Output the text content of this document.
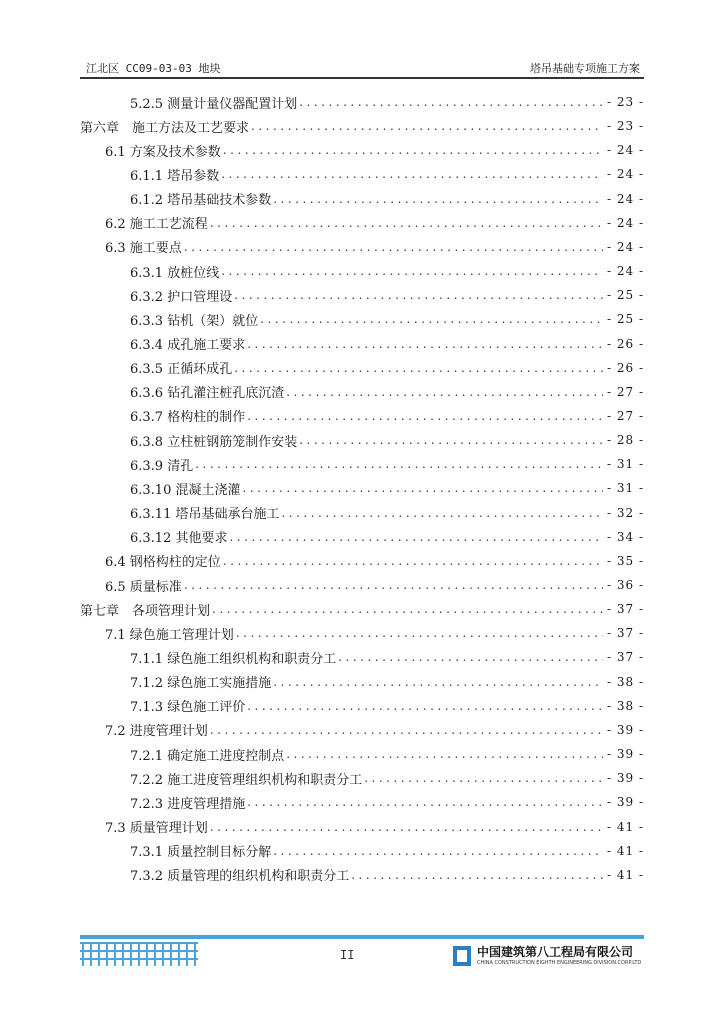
江北区 CC09-03-03 地块	塔吊基础专项施工方案
5.2.5 测量计量仪器配置计划 .....	- 23 -
第六章　施工方法及工艺要求 .....	- 23 -
6.1 方案及技术参数 .....	- 24 -
6.1.1 塔吊参数 .....	- 24 -
6.1.2 塔吊基础技术参数 .....	- 24 -
6.2 施工工艺流程 .....	- 24 -
6.3 施工要点 .....	- 24 -
6.3.1 放桩位线 .....	- 24 -
6.3.2 护口管埋设 .....	- 25 -
6.3.3 钻机（架）就位 .....	- 25 -
6.3.4 成孔施工要求 .....	- 26 -
6.3.5 正循环成孔 .....	- 26 -
6.3.6 钻孔灌注桩孔底沉渣 .....	- 27 -
6.3.7 格构柱的制作 .....	- 27 -
6.3.8 立柱桩钢筋笼制作安装 .....	- 28 -
6.3.9 清孔 .....	- 31 -
6.3.10 混凝土浇灌 .....	- 31 -
6.3.11 塔吊基础承台施工 .....	- 32 -
6.3.12 其他要求 .....	- 34 -
6.4 钢格构柱的定位 .....	- 35 -
6.5 质量标准 .....	- 36 -
第七章　各项管理计划 .....	- 37 -
7.1 绿色施工管理计划 .....	- 37 -
7.1.1 绿色施工组织机构和职责分工 .....	- 37 -
7.1.2 绿色施工实施措施 .....	- 38 -
7.1.3 绿色施工评价 .....	- 38 -
7.2 进度管理计划 .....	- 39 -
7.2.1 确定施工进度控制点 .....	- 39 -
7.2.2 施工进度管理组织机构和职责分工 .....	- 39 -
7.2.3 进度管理措施 .....	- 39 -
7.3 质量管理计划 .....	- 41 -
7.3.1 质量控制目标分解 .....	- 41 -
7.3.2 质量管理的组织机构和职责分工 .....	- 41 -
II	中国建筑第八工程局有限公司
CHINA CONSTRUCTION EIGHTH ENGINEERING DIVISION.CORP.LTD
